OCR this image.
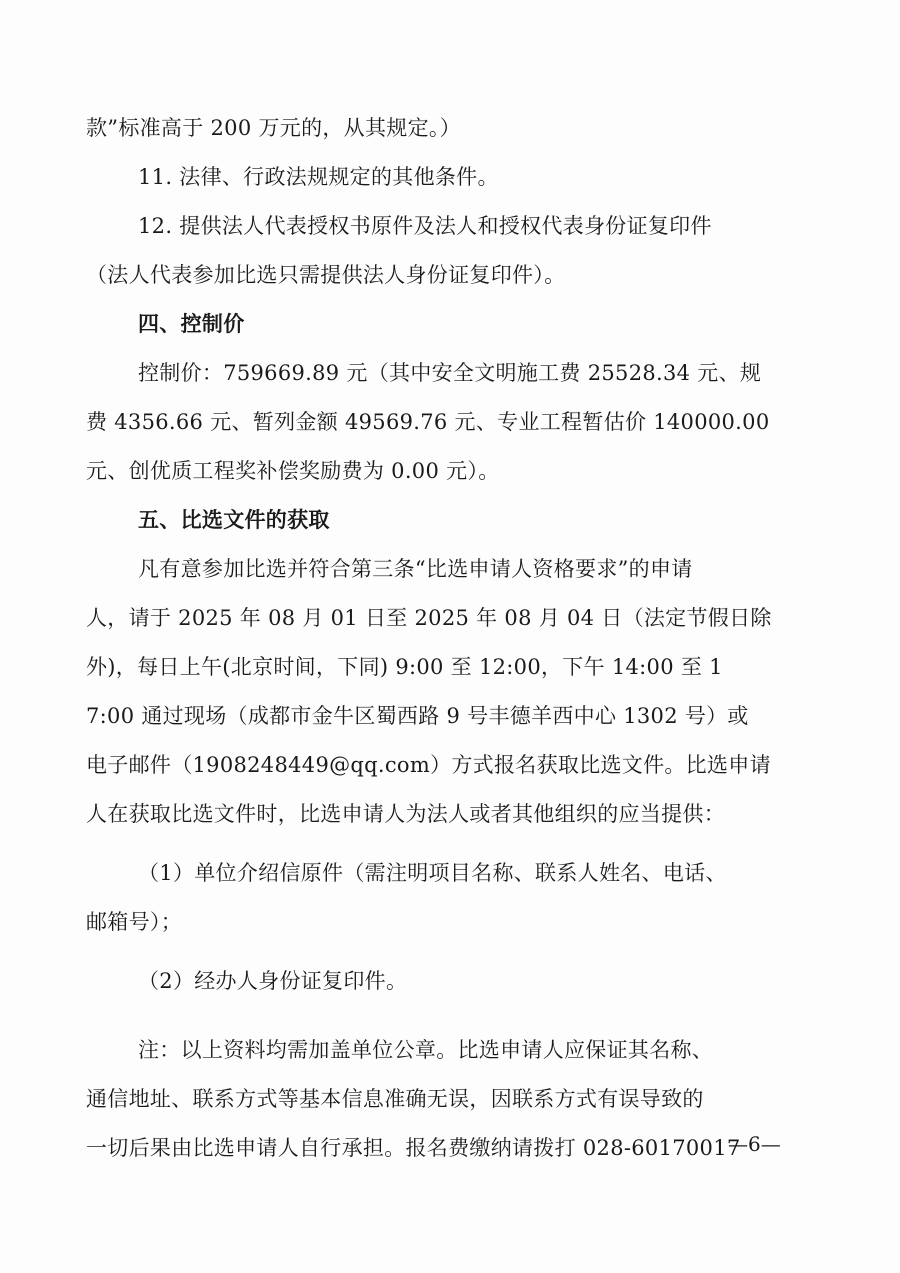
款”标准高于 200 万元的，从其规定。）
11. 法律、行政法规规定的其他条件。
12. 提供法人代表授权书原件及法人和授权代表身份证复印件
（法人代表参加比选只需提供法人身份证复印件）。
四、控制价
控制价：759669.89 元（其中安全文明施工费 25528.34 元、规
费 4356.66 元、暂列金额 49569.76 元、专业工程暂估价 140000.00
元、创优质工程奖补偿奖励费为 0.00 元）。
五、比选文件的获取
凡有意参加比选并符合第三条“比选申请人资格要求”的申请
人，请于 2025 年 08 月 01 日至 2025 年 08 月 04 日（法定节假日除
外)，每日上午(北京时间，下同) 9:00 至 12:00，下午 14:00 至 1
7:00 通过现场（成都市金牛区蜀西路 9 号丰德羊西中心 1302 号）或
电子邮件（1908248449@qq.com）方式报名获取比选文件。比选申请
人在获取比选文件时，比选申请人为法人或者其他组织的应当提供：
（1）单位介绍信原件（需注明项目名称、联系人姓名、电话、
邮箱号）；
（2）经办人身份证复印件。
注：以上资料均需加盖单位公章。比选申请人应保证其名称、
通信地址、联系方式等基本信息准确无误，因联系方式有误导致的
一切后果由比选申请人自行承担。报名费缴纳请拨打 028-60170017
—6—
